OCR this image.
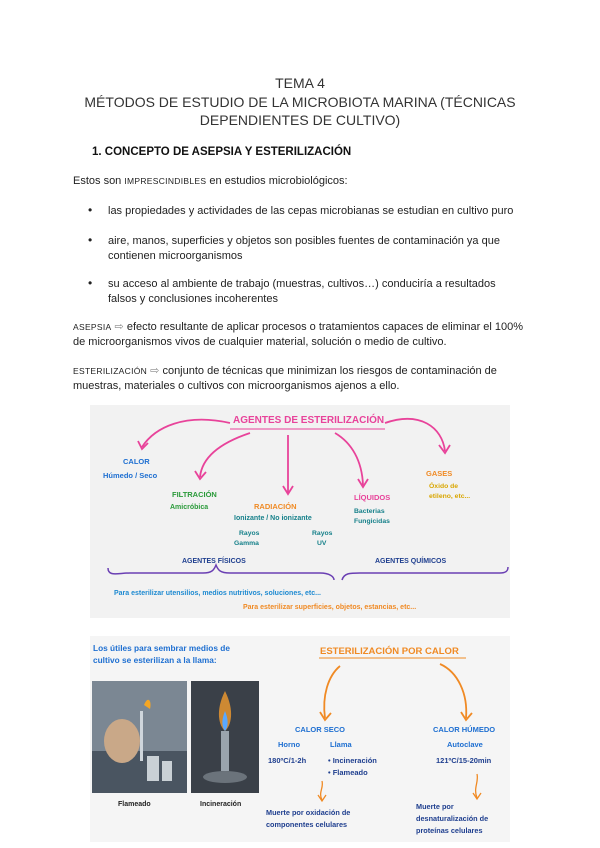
TEMA 4
MÉTODOS DE ESTUDIO DE LA MICROBIOTA MARINA (TÉCNICAS
DEPENDIENTES DE CULTIVO)
1. CONCEPTO DE ASEPSIA Y ESTERILIZACIÓN
Estos son IMPRESCINDIBLES en estudios microbiológicos:
• las propiedades y actividades de las cepas microbianas se estudian en cultivo puro
• aire, manos, superficies y objetos son posibles fuentes de contaminación ya que
contienen microorganismos
• su acceso al ambiente de trabajo (muestras, cultivos…) conduciría a resultados
falsos y conclusiones incoherentes
ASEPSIA ⇨ efecto resultante de aplicar procesos o tratamientos capaces de eliminar el 100%
de microorganismos vivos de cualquier material, solución o medio de cultivo.
ESTERILIZACIÓN ⇨ conjunto de técnicas que minimizan los riesgos de contaminación de
muestras, materiales o cultivos con microorganismos ajenos a ello.
AGENTES DE ESTERILIZACIÓN
CALOR
Húmedo / Seco
FILTRACIÓN
Amicróbica	RADIACIÓN
Ionizante / No ionizante
Rayos
Gamma
Rayos
UV
LÍQUIDOS
Bacterias
Fungicidas
GASES
Óxido de
etileno, etc...
AGENTES FÍSICOS	AGENTES QUÍMICOS
Para esterilizar utensilios, medios nutritivos, soluciones, etc...
Para esterilizar superficies, objetos, estancias, etc...
Los útiles para sembrar medios de
cultivo se esterilizan a la llama:
Flameado	Incineración
ESTERILIZACIÓN POR CALOR
CALOR SECO
Horno	Llama
180ºC/1-2h	• Incineración
• Flameado
Muerte por oxidación de
componentes celulares
CALOR HÚMEDO
Autoclave
121ºC/15-20min
Muerte por
desnaturalización de
proteínas celulares
